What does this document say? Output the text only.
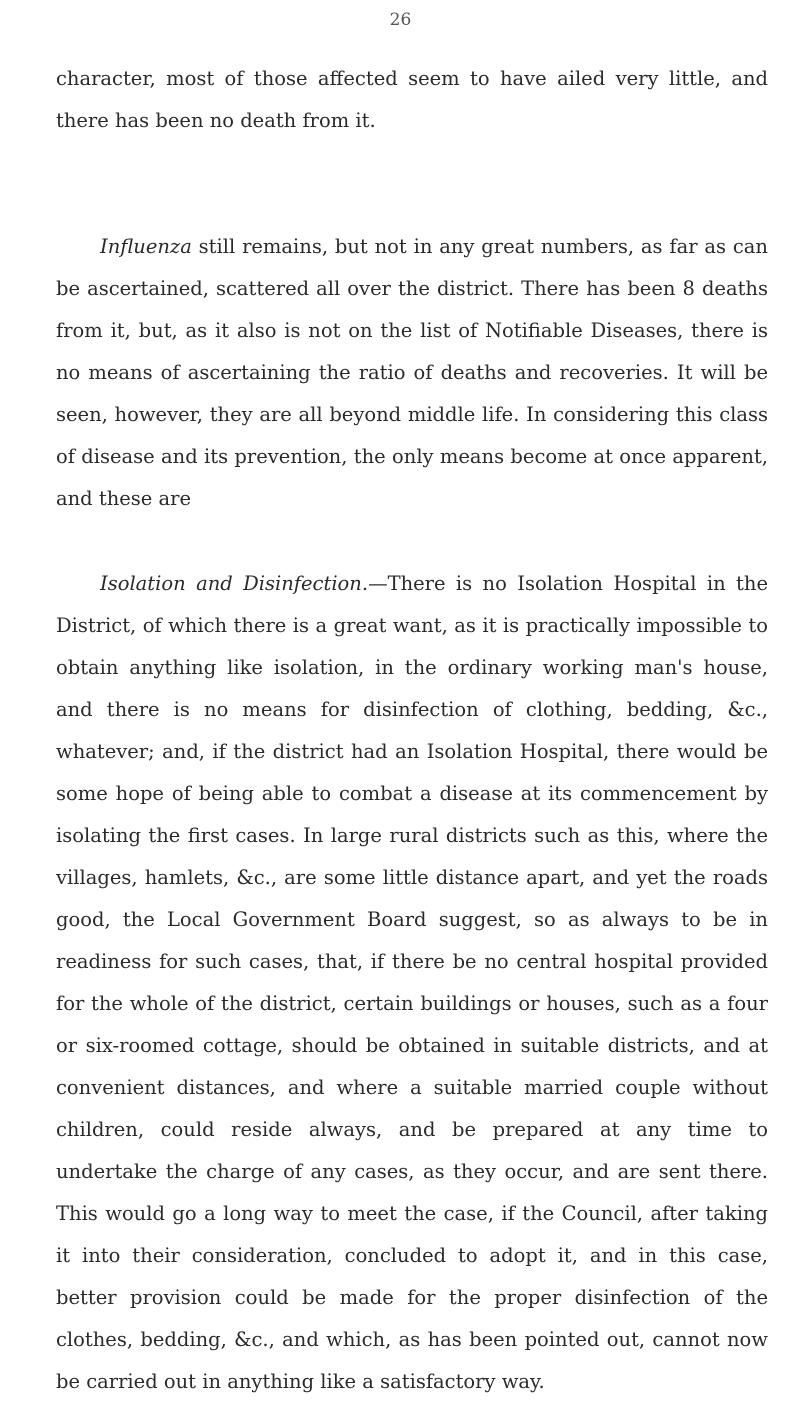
26

character, most of those affected seem to have ailed very little, and there has been no death from it.

Influenza still remains, but not in any great numbers, as far as can be ascertained, scattered all over the district. There has been 8 deaths from it, but, as it also is not on the list of Notifiable Diseases, there is no means of ascertaining the ratio of deaths and recoveries. It will be seen, however, they are all beyond middle life. In considering this class of disease and its prevention, the only means become at once apparent, and these are

Isolation and Disinfection.—There is no Isolation Hospital in the District, of which there is a great want, as it is practically impossible to obtain anything like isolation, in the ordinary working man's house, and there is no means for disinfection of clothing, bedding, &c., whatever; and, if the district had an Isolation Hospital, there would be some hope of being able to combat a disease at its commencement by isolating the first cases. In large rural districts such as this, where the villages, hamlets, &c., are some little distance apart, and yet the roads good, the Local Government Board suggest, so as always to be in readiness for such cases, that, if there be no central hospital provided for the whole of the district, certain buildings or houses, such as a four or six-roomed cottage, should be obtained in suitable districts, and at convenient distances, and where a suitable married couple without children, could reside always, and be prepared at any time to undertake the charge of any cases, as they occur, and are sent there. This would go a long way to meet the case, if the Council, after taking it into their consideration, concluded to adopt it, and in this case, better provision could be made for the proper disinfection of the clothes, bedding, &c., and which, as has been pointed out, cannot now be carried out in anything like a satisfactory way.
